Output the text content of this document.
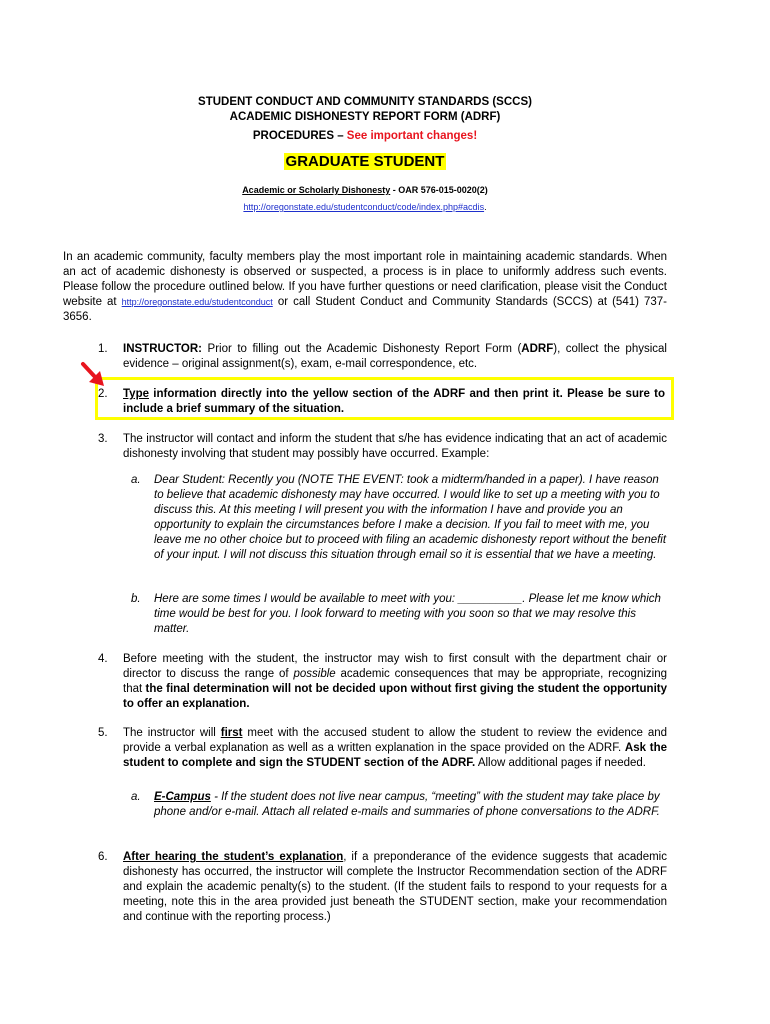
STUDENT CONDUCT AND COMMUNITY STANDARDS (SCCS)
ACADEMIC DISHONESTY REPORT FORM (ADRF)
PROCEDURES – See important changes!
GRADUATE STUDENT
Academic or Scholarly Dishonesty - OAR 576-015-0020(2)
http://oregonstate.edu/studentconduct/code/index.php#acdis.
In an academic community, faculty members play the most important role in maintaining academic standards. When an act of academic dishonesty is observed or suspected, a process is in place to uniformly address such events. Please follow the procedure outlined below. If you have further questions or need clarification, please visit the Conduct website at http://oregonstate.edu/studentconduct or call Student Conduct and Community Standards (SCCS) at (541) 737-3656.
1.	INSTRUCTOR: Prior to filling out the Academic Dishonesty Report Form (ADRF), collect the physical evidence – original assignment(s), exam, e-mail correspondence, etc.
2.	Type information directly into the yellow section of the ADRF and then print it. Please be sure to include a brief summary of the situation.
3.	The instructor will contact and inform the student that s/he has evidence indicating that an act of academic dishonesty involving that student may possibly have occurred. Example:
a.	Dear Student: Recently you (NOTE THE EVENT: took a midterm/handed in a paper). I have reason to believe that academic dishonesty may have occurred. I would like to set up a meeting with you to discuss this. At this meeting I will present you with the information I have and provide you an opportunity to explain the circumstances before I make a decision. If you fail to meet with me, you leave me no other choice but to proceed with filing an academic dishonesty report without the benefit of your input. I will not discuss this situation through email so it is essential that we have a meeting.
b.	Here are some times I would be available to meet with you: __________. Please let me know which time would be best for you. I look forward to meeting with you soon so that we may resolve this matter.
4.	Before meeting with the student, the instructor may wish to first consult with the department chair or director to discuss the range of possible academic consequences that may be appropriate, recognizing that the final determination will not be decided upon without first giving the student the opportunity to offer an explanation.
5.	The instructor will first meet with the accused student to allow the student to review the evidence and provide a verbal explanation as well as a written explanation in the space provided on the ADRF. Ask the student to complete and sign the STUDENT section of the ADRF. Allow additional pages if needed.
a.	E-Campus - If the student does not live near campus, “meeting” with the student may take place by phone and/or e-mail. Attach all related e-mails and summaries of phone conversations to the ADRF.
6.	After hearing the student’s explanation, if a preponderance of the evidence suggests that academic dishonesty has occurred, the instructor will complete the Instructor Recommendation section of the ADRF and explain the academic penalty(s) to the student. (If the student fails to respond to your requests for a meeting, note this in the area provided just beneath the STUDENT section, make your recommendation and continue with the reporting process.)
